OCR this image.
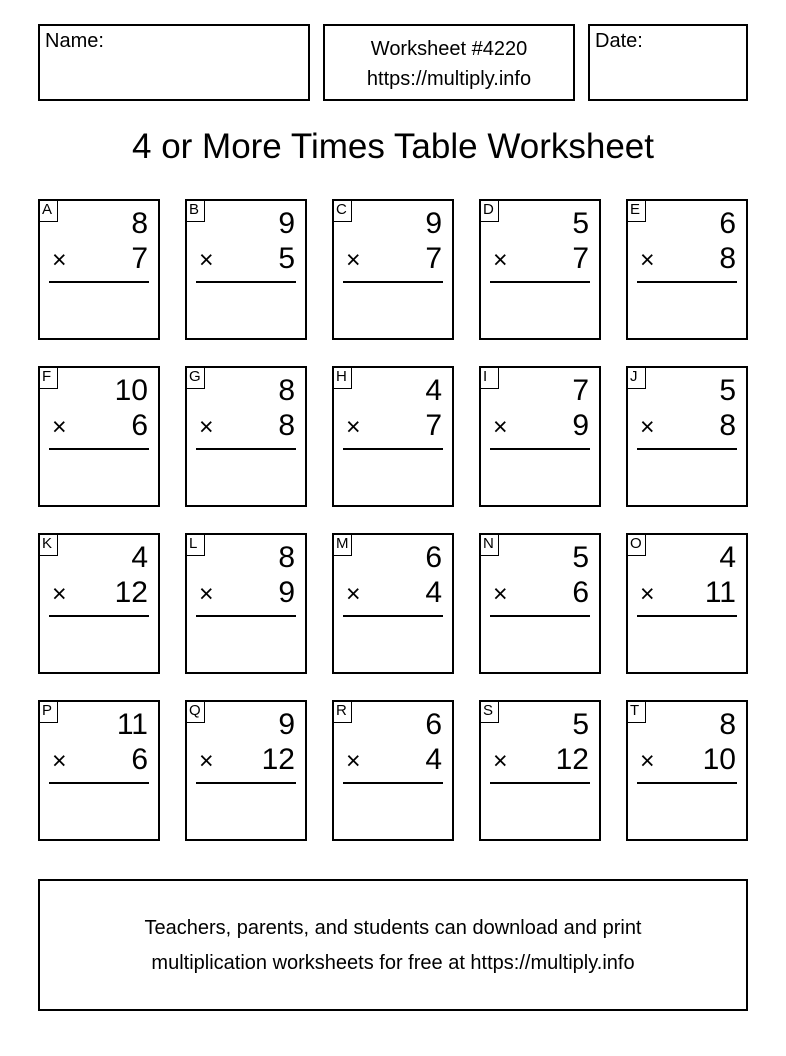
Name:	Worksheet #4220
https://multiply.info
Date:
4 or More Times Table Worksheet
A	8
× 7
B	9
× 5
C	9
× 7
D	5
× 7
E	6
× 8
F 10
× 6
G	8
× 8
H	4
× 7
I	7
× 9
J	5
× 8
K	4
× 12
L	8
× 9
M	6
× 4
N	5
× 6
O	4
× 11
P 11
× 6
Q	9
× 12
R	6
× 4
S	5
× 12
T	8
× 10
Teachers, parents, and students can download and print
multiplication worksheets for free at https://multiply.info
